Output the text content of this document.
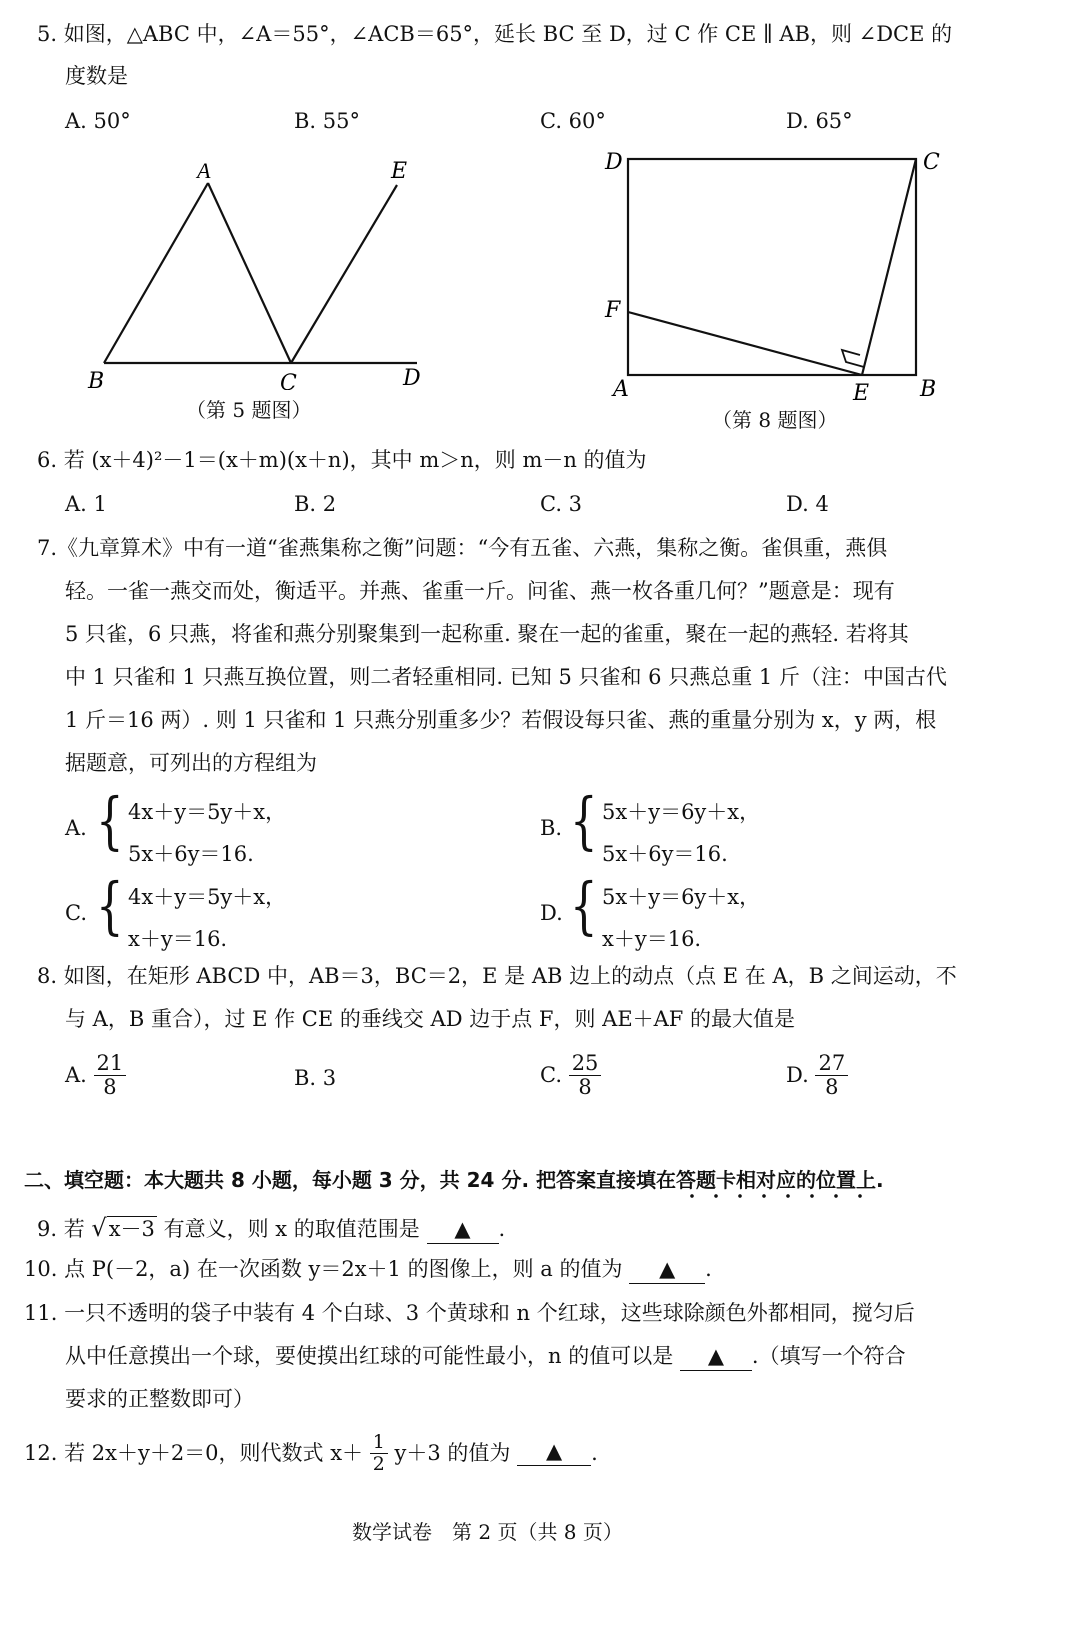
5. 如图，△ABC 中，∠A＝55°，∠ACB＝65°，延长 BC 至 D，过 C 作 CE ∥ AB，则 ∠DCE 的
度数是
A. 50°	B. 55°	C. 60°	D. 65°
A	E
B	C	D
（第 5 题图）
D	C
F
A	E B
（第 8 题图）
6. 若 (x＋4)²－1＝(x＋m)(x＋n)，其中 m＞n，则 m－n 的值为
A. 1	B. 2	C. 3	D. 4
7.《九章算术》中有一道“雀燕集称之衡”问题：“今有五雀、六燕，集称之衡。雀俱重，燕俱
轻。一雀一燕交而处，衡适平。并燕、雀重一斤。问雀、燕一枚各重几何？”题意是：现有
5 只雀，6 只燕，将雀和燕分别聚集到一起称重. 聚在一起的雀重，聚在一起的燕轻. 若将其
中 1 只雀和 1 只燕互换位置，则二者轻重相同. 已知 5 只雀和 6 只燕总重 1 斤（注：中国古代
1 斤＝16 两）. 则 1 只雀和 1 只燕分别重多少？若假设每只雀、燕的重量分别为 x，y 两，根
据题意，可列出的方程组为
A. { 4x＋y＝5y＋x，
5x＋6y＝16.
B. { 5x＋y＝6y＋x，
5x＋6y＝16.
C. { 4x＋y＝5y＋x，
x＋y＝16.
D. { 5x＋y＝6y＋x，
x＋y＝16.
8. 如图，在矩形 ABCD 中，AB＝3，BC＝2，E 是 AB 边上的动点（点 E 在 A，B 之间运动，不
与 A，B 重合），过 E 作 CE 的垂线交 AD 边于点 F，则 AE＋AF 的最大值是
A. $\frac{21}{8}$	B. 3	C. $\frac{25}{8}$	D. $\frac{27}{8}$
二、填空题：本大题共 8 小题，每小题 3 分，共 24 分. 把答案直接填在答题卡相对应的位置上.
9. 若 √x－3 有意义，则 x 的取值范围是 ▲ .
10. 点 P(－2，a) 在一次函数 y＝2x＋1 的图像上，则 a 的值为 ▲ .
11. 一只不透明的袋子中装有 4 个白球、3 个黄球和 n 个红球，这些球除颜色外都相同，搅匀后
从中任意摸出一个球，要使摸出红球的可能性最小，n 的值可以是 ▲ .（填写一个符合
要求的正整数即可）
12. 若 2x＋y＋2＝0，则代数式 $x+ \frac{1}{2} y+3$ 的值为 ▲ .
数学试卷　第 2 页（共 8 页）
